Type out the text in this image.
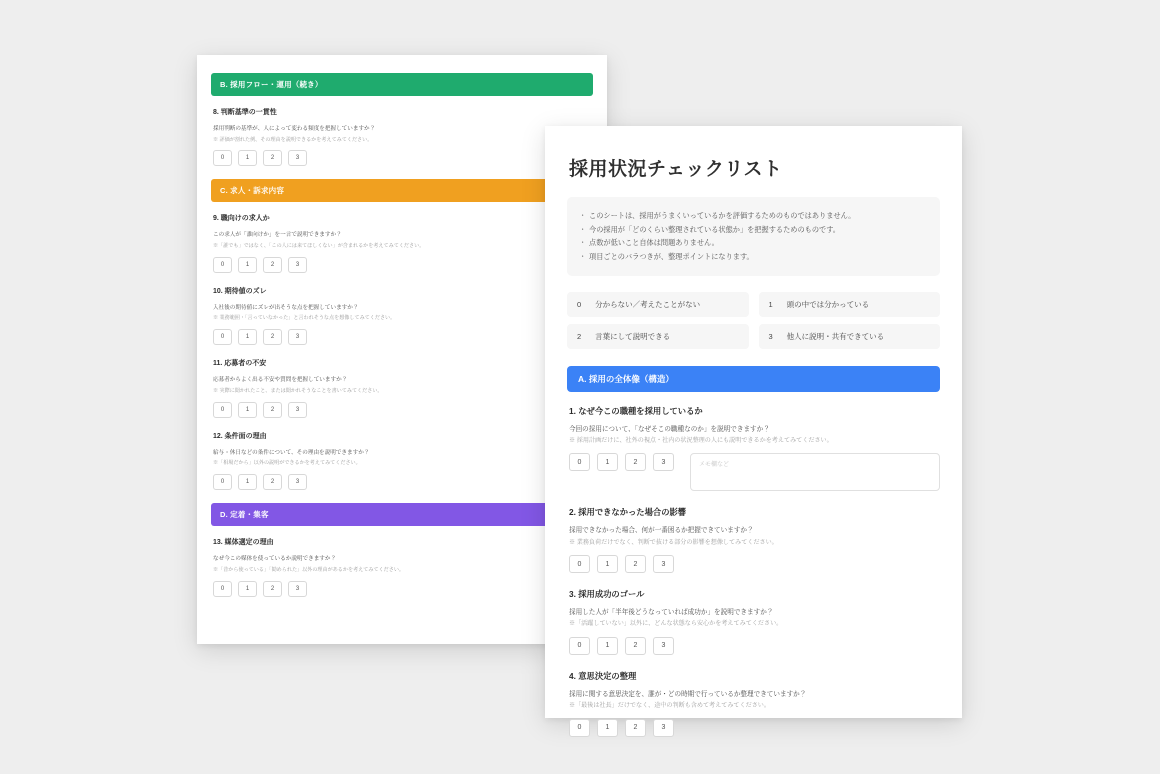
B. 採用フロー・運用（続き）
8. 判断基準の一貫性
採用判断の基準が、人によって変わる頻度を把握していますか？
※ 評価が割れた例、その理由を説明できるかを考えてみてください。
0	1	2	3
C. 求人・訴求内容
9. 職向けの求人か
この求人が「誰向けか」を一言で説明できますか？
※「誰でも」ではなく、「この人には来てほしくない」が含まれるかを考えてみてください。
0	1	2	3
10. 期待値のズレ
入社後の期待値にズレが出そうな点を把握していますか？
※ 業務範囲・「言っていなかった」と言われそうな点を想像してみてください。
0	1	2	3
11. 応募者の不安
応募者からよく出る不安や質問を把握していますか？
※ 実際に聞かれたこと、または聞かれそうなことを書いてみてください。
0	1	2	3
12. 条件面の理由
給与・休日などの条件について、その理由を説明できますか？
※「相場だから」以外の説明ができるかを考えてみてください。
0	1	2	3
D. 定着・集客
13. 媒体選定の理由
なぜ今この媒体を使っているか説明できますか？
※「昔から使っている」「勧められた」以外の理由があるかを考えてみてください。
0	1	2	3
採用状況チェックリスト
・ このシートは、採用がうまくいっているかを評価するためのものではありません。
・ 今の採用が「どのくらい整理されている状態か」を把握するためのものです。
・ 点数が低いこと自体は問題ありません。
・ 項目ごとのバラつきが、整理ポイントになります。
0 分からない／考えたことがない	1 頭の中では分かっている
2 言葉にして説明できる	3 他人に説明・共有できている
A. 採用の全体像（構造）
1. なぜ今この職種を採用しているか
今回の採用について、「なぜそこの職種なのか」を説明できますか？
※ 採用計画だけに、社外の視点・社内の状況整理の人にも説明できるかを考えてみてください。
0	1	2	3	メモ欄など
2. 採用できなかった場合の影響
採用できなかった場合、何が一番困るか把握できていますか？
※ 業務負荷だけでなく、判断で抜ける部分の影響を想像してみてください。
0	1	2	3
3. 採用成功のゴール
採用した人が「半年後どうなっていれば成功か」を説明できますか？
※「活躍していない」以外に、どんな状態なら安心かを考えてみてください。
0	1	2	3
4. 意思決定の整理
採用に関する意思決定を、誰が・どの時期で行っているか整理できていますか？
※「最後は社長」だけでなく、途中の判断も含めて考えてみてください。
0	1	2	3
